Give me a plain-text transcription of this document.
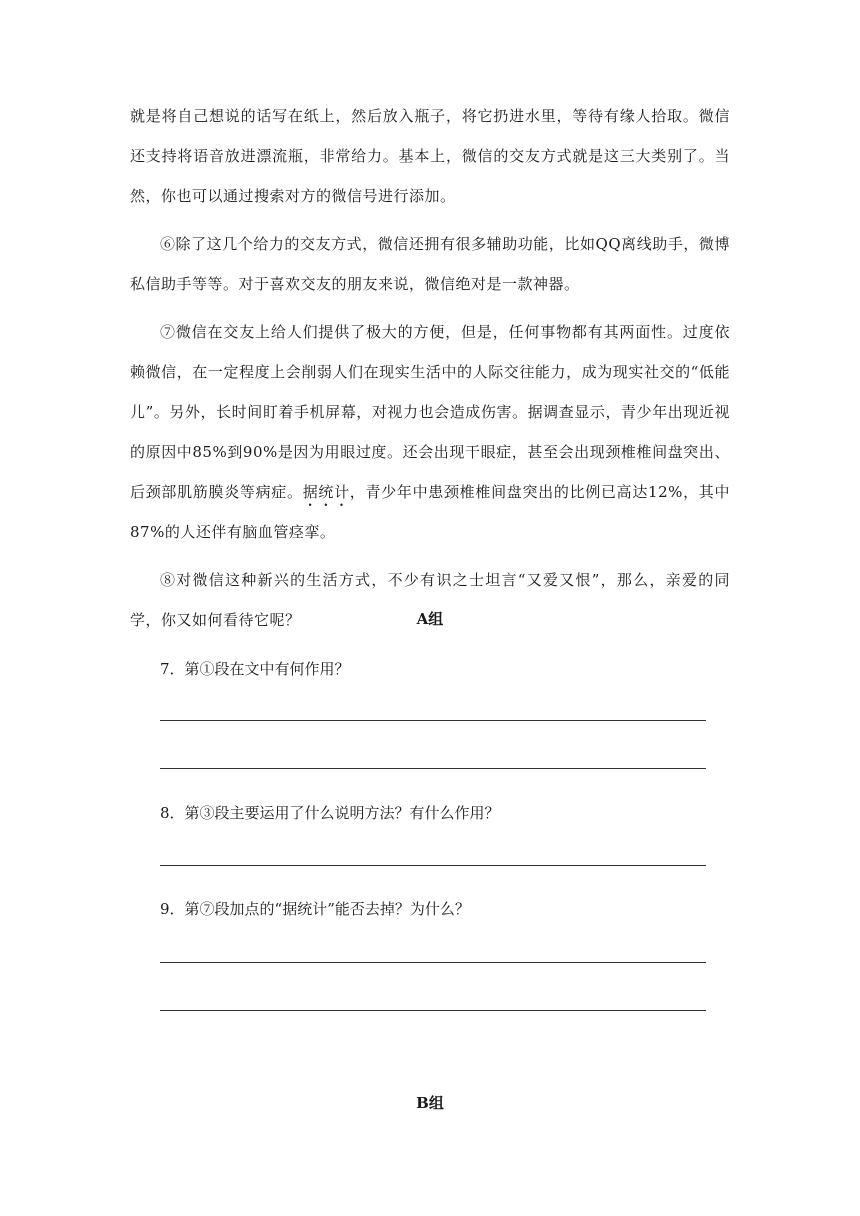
就是将自己想说的话写在纸上，然后放入瓶子，将它扔进水里，等待有缘人拾取。微信还支持将语音放进漂流瓶，非常给力。基本上，微信的交友方式就是这三大类别了。当然，你也可以通过搜索对方的微信号进行添加。

⑥除了这几个给力的交友方式，微信还拥有很多辅助功能，比如QQ离线助手，微博私信助手等等。对于喜欢交友的朋友来说，微信绝对是一款神器。

⑦微信在交友上给人们提供了极大的方便，但是，任何事物都有其两面性。过度依赖微信，在一定程度上会削弱人们在现实生活中的人际交往能力，成为现实社交的“低能儿”。另外，长时间盯着手机屏幕，对视力也会造成伤害。据调查显示，青少年出现近视的原因中85%到90%是因为用眼过度。还会出现干眼症，甚至会出现颈椎椎间盘突出、后颈部肌筋膜炎等病症。据统计，青少年中患颈椎椎间盘突出的比例已高达12%，其中87%的人还伴有脑血管痉挛。

⑧对微信这种新兴的生活方式，不少有识之士坦言“又爱又恨”，那么，亲爱的同学，你又如何看待它呢？	A组
7．第①段在文中有何作用？
8．第③段主要运用了什么说明方法？有什么作用？
9．第⑦段加点的“据统计”能否去掉？为什么？
B组
